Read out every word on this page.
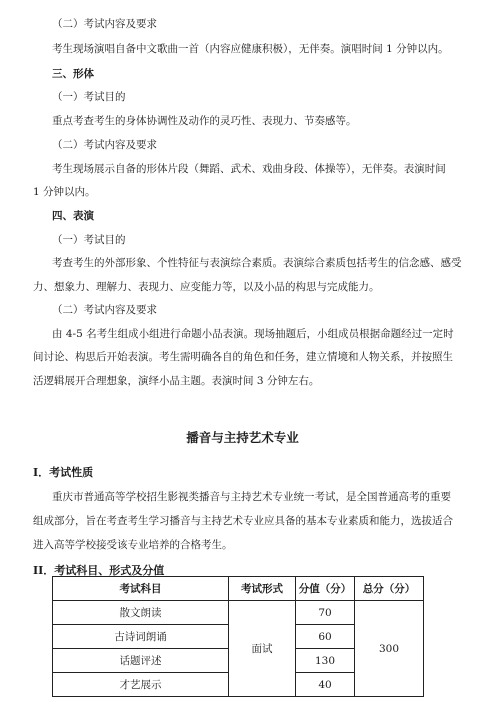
（二）考试内容及要求
考生现场演唱自备中文歌曲一首（内容应健康积极），无伴奏。演唱时间 1 分钟以内。
三、形体
（一）考试目的
重点考查考生的身体协调性及动作的灵巧性、表现力、节奏感等。
（二）考试内容及要求
考生现场展示自备的形体片段（舞蹈、武术、戏曲身段、体操等），无伴奏。表演时间
1 分钟以内。
四、表演
（一）考试目的
考查考生的外部形象、个性特征与表演综合素质。表演综合素质包括考生的信念感、感受
力、想象力、理解力、表现力、应变能力等，以及小品的构思与完成能力。
（二）考试内容及要求
由 4-5 名考生组成小组进行命题小品表演。现场抽题后，小组成员根据命题经过一定时
间讨论、构思后开始表演。考生需明确各自的角色和任务，建立情境和人物关系，并按照生
活逻辑展开合理想象，演绎小品主题。表演时间 3 分钟左右。
播音与主持艺术专业
I．考试性质
重庆市普通高等学校招生影视类播音与主持艺术专业统一考试，是全国普通高考的重要
组成部分，旨在考查考生学习播音与主持艺术专业应具备的基本专业素质和能力，选拔适合
进入高等学校接受该专业培养的合格考生。
II．考试科目、形式及分值
考试科目	考试形式	分值（分）	总分（分）
散文朗读	面试	70	300
古诗词朗诵		60	
话题评述		130	
才艺展示		40	
